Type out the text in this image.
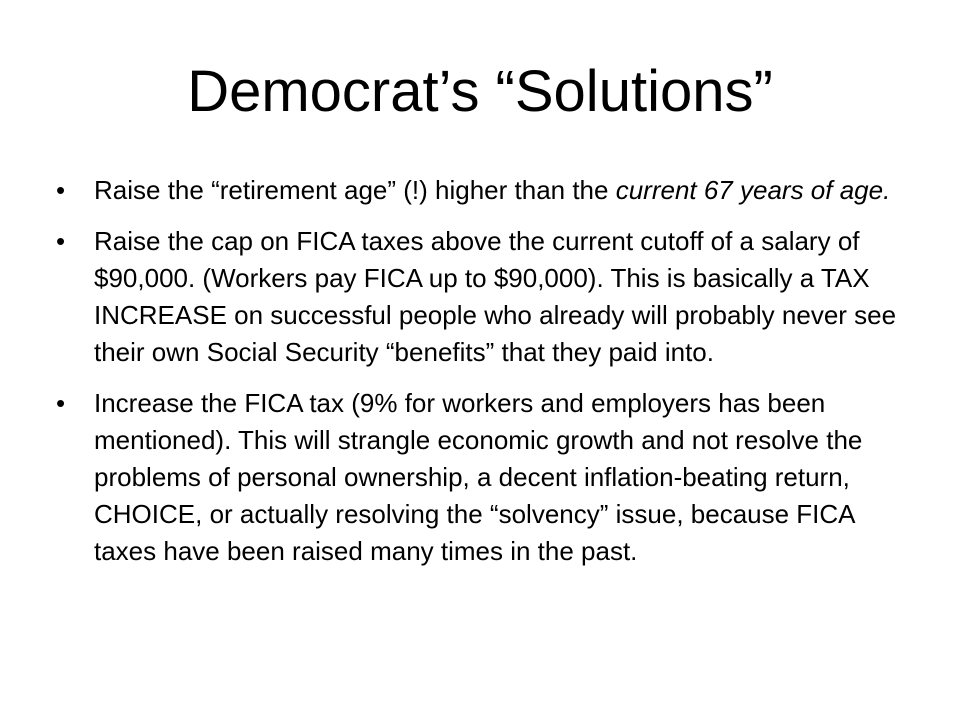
Democrat’s “Solutions”
•
Raise the “retirement age” (!) higher than the current 67 years of age.
•
Raise the cap on FICA taxes above the current cutoff of a salary of $90,000. (Workers pay FICA up to $90,000). This is basically a TAX INCREASE on successful people who already will probably never see their own Social Security “benefits” that they paid into.
•
Increase the FICA tax (9% for workers and employers has been mentioned). This will strangle economic growth and not resolve the problems of personal ownership, a decent inflation-beating return, CHOICE, or actually resolving the “solvency” issue, because FICA taxes have been raised many times in the past.
